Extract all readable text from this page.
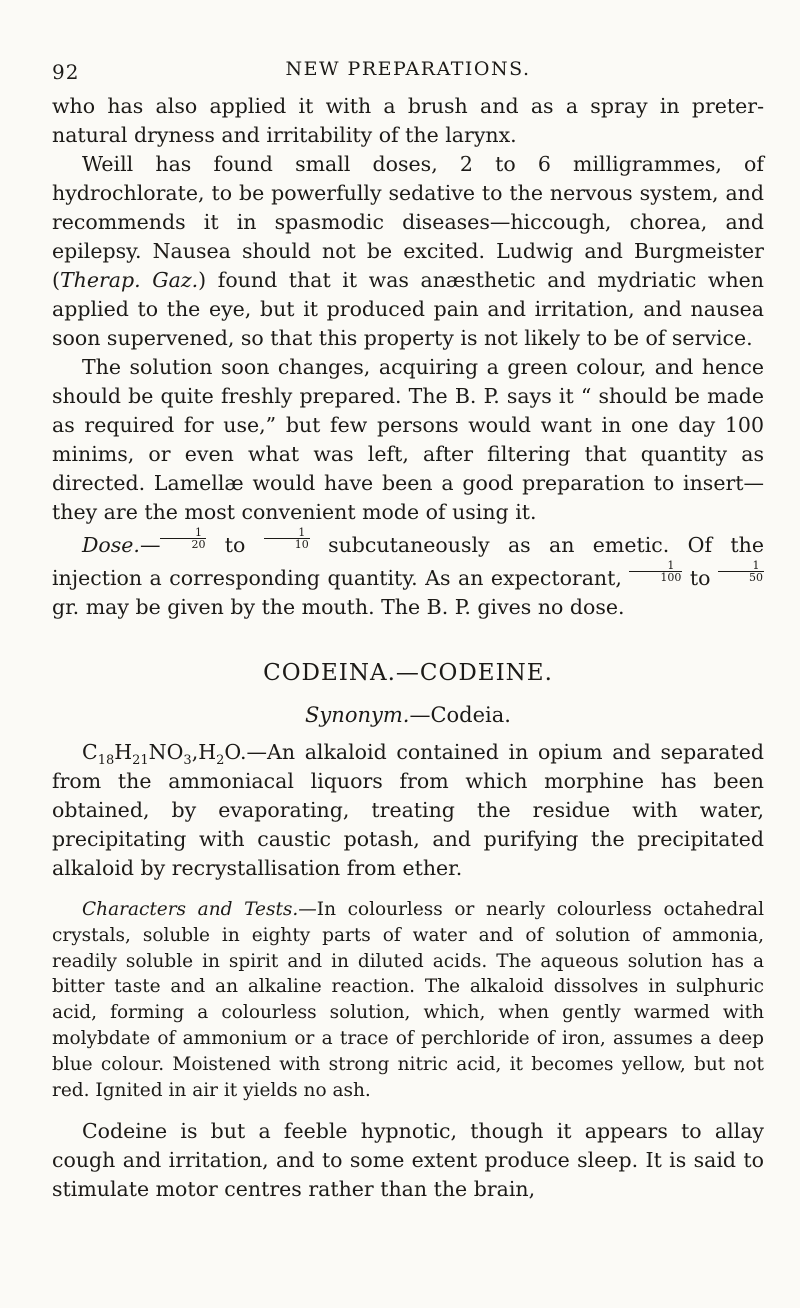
92	NEW PREPARATIONS.

who has also applied it with a brush and as a spray in preter-natural dryness and irritability of the larynx.

Weill has found small doses, 2 to 6 milligrammes, of hydrochlorate, to be powerfully sedative to the nervous system, and recommends it in spasmodic diseases—hiccough, chorea, and epilepsy. Nausea should not be excited. Ludwig and Burgmeister (Therap. Gaz.) found that it was anæsthetic and mydriatic when applied to the eye, but it produced pain and irritation, and nausea soon supervened, so that this property is not likely to be of service.

The solution soon changes, acquiring a green colour, and hence should be quite freshly prepared. The B. P. says it “ should be made as required for use,” but few persons would want in one day 100 minims, or even what was left, after filtering that quantity as directed. Lamellæ would have been a good preparation to insert—they are the most convenient mode of using it.

Dose.— $\frac{1}{20}$ to $\frac{1}{10}$ subcutaneously as an emetic. Of the injection a corresponding quantity. As an expectorant, $\frac{1}{100}$ to $\frac{1}{50}$
gr. may be given by the mouth. The B. P. gives no dose.

CODEINA.—CODEINE.
Synonym.—Codeia.

$C_{18}H_{21}NO_3,H_2O.—An$ alkaloid contained in opium and separated from the ammoniacal liquors from which morphine has been obtained, by evaporating, treating the residue with water, precipitating with caustic potash, and purifying the precipitated alkaloid by recrystallisation from ether.

Characters and Tests.—In colourless or nearly colourless octahedral crystals, soluble in eighty parts of water and of solution of ammonia, readily soluble in spirit and in diluted acids. The aqueous solution has a bitter taste and an alkaline reaction. The alkaloid dissolves in sulphuric acid, forming a colourless solution, which, when gently warmed with molybdate of ammonium or a trace of perchloride of iron, assumes a deep blue colour. Moistened with strong nitric acid, it becomes yellow, but not red. Ignited in air it yields no ash.

Codeine is but a feeble hypnotic, though it appears to allay cough and irritation, and to some extent produce sleep. It is said to stimulate motor centres rather than the brain,
